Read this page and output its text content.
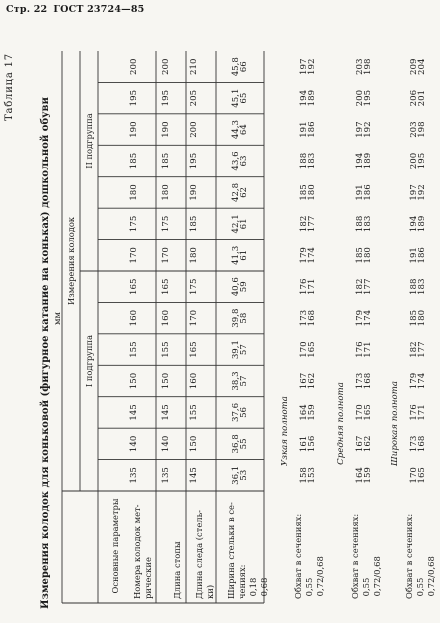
Стр. 22 ГОСТ 23724—85
Таблица 17
Измерения колодок для коньковой (фигурное катание на коньках) дошкольной обуви мм
Основные параметры
Измерения колодок
I подгруппа
II подгруппа
Номера колодок мет-
рические Длина стопы Длина следа (стель-
ки) Ширина стельки в се-
чениях:
0,18
0,68
Узкая полнота
Обхват в сечениях:
0,55
0,72/0,68
Средняя полнота
Обхват в сечениях:
0,55
0,72/0,68
Широкая полнота
Обхват в сечениях:
0,55
0,72/0,68
135
140
145
150
155
160
165
170
175
180
185
190
195
200
135
140
145
150
155
160
165
170
175
180
185
190
195
200
145
150
155
160
165
170
175
180
185
190
195
200
205
210
36,1
53
36,8
55
37,6
56
38,3
57
39,1
57
39,8
58
40,6
59
41,3
61
42,1
61
42,8
62
43,6
63
44,3
64
45,1
65
45,8
66
158
153
161
156
164
159
167
162
170
165
173
168
176
171
179
174
182
177
185
180
188
183
191
186
194
189
197
192
164
159
167
162
170
165
173
168
176
171
179
174
182
177
185
180
188
183
191
186
194
189
197
192
200
195
203
198
170
165
173
168
176
171
179
174
182
177
185
180
188
183
191
186
194
189
197
192
200
195
203
198
206
201
209
204
